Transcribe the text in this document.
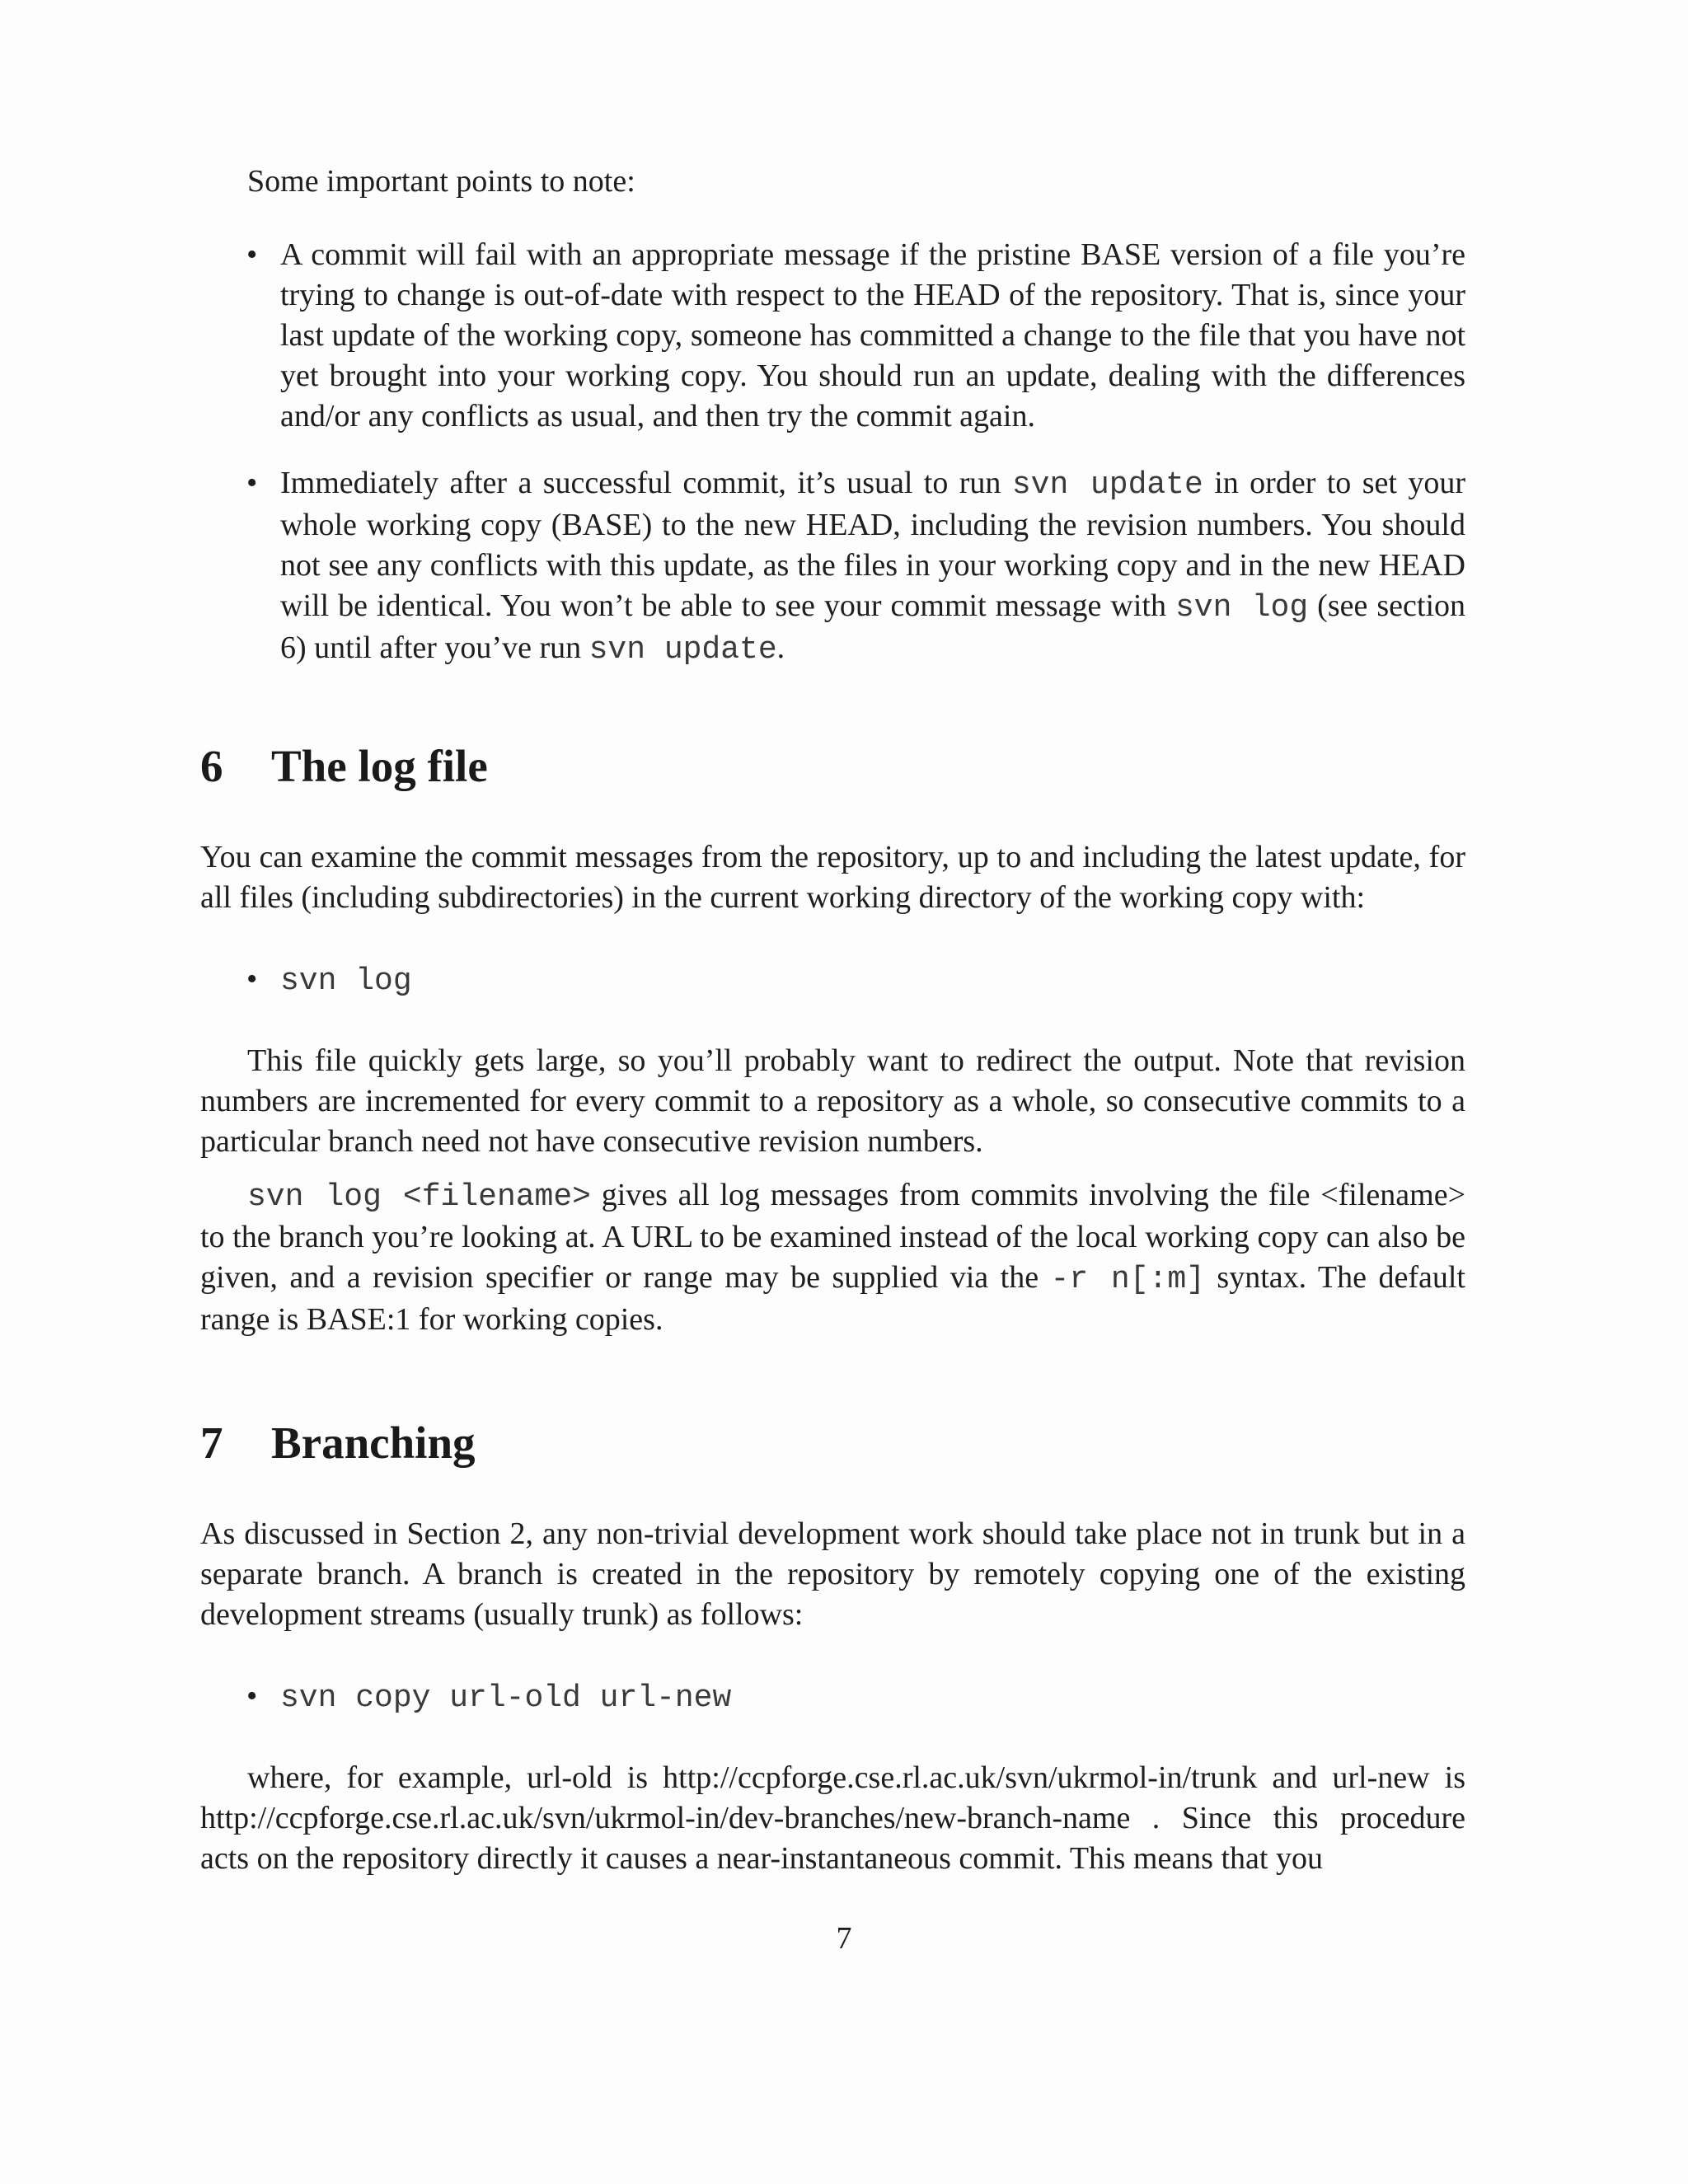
Some important points to note:

• A commit will fail with an appropriate message if the pristine BASE version of a file you’re trying to change is out-of-date with respect to the HEAD of the repository. That is, since your last update of the working copy, someone has committed a change to the file that you have not yet brought into your working copy. You should run an update, dealing with the differences and/or any conflicts as usual, and then try the commit again.
• Immediately after a successful commit, it’s usual to run svn update in order to set your whole working copy (BASE) to the new HEAD, including the revision numbers. You should not see any conflicts with this update, as the files in your working copy and in the new HEAD will be identical. You won’t be able to see your commit message with svn log (see section 6) until after you’ve run svn update.
6 The log file

You can examine the commit messages from the repository, up to and including the latest update, for all files (including subdirectories) in the current working directory of the working copy with:

• svn log

This file quickly gets large, so you’ll probably want to redirect the output. Note that revision numbers are incremented for every commit to a repository as a whole, so consecutive commits to a particular branch need not have consecutive revision numbers.

svn log <filename> gives all log messages from commits involving the file <filename> to the branch you’re looking at. A URL to be examined instead of the local working copy can also be given, and a revision specifier or range may be supplied via the -r n[:m] syntax. The default range is BASE:1 for working copies.

7 Branching

As discussed in Section 2, any non-trivial development work should take place not in trunk but in a separate branch. A branch is created in the repository by remotely copying one of the existing development streams (usually trunk) as follows:

• svn copy url-old url-new

where, for example, url-old is http://ccpforge.cse.rl.ac.uk/svn/ukrmol-in/trunk and url-new is http://ccpforge.cse.rl.ac.uk/svn/ukrmol-in/dev-branches/new-branch-name . Since this procedure acts on the repository directly it causes a near-instantaneous commit. This means that you

7
